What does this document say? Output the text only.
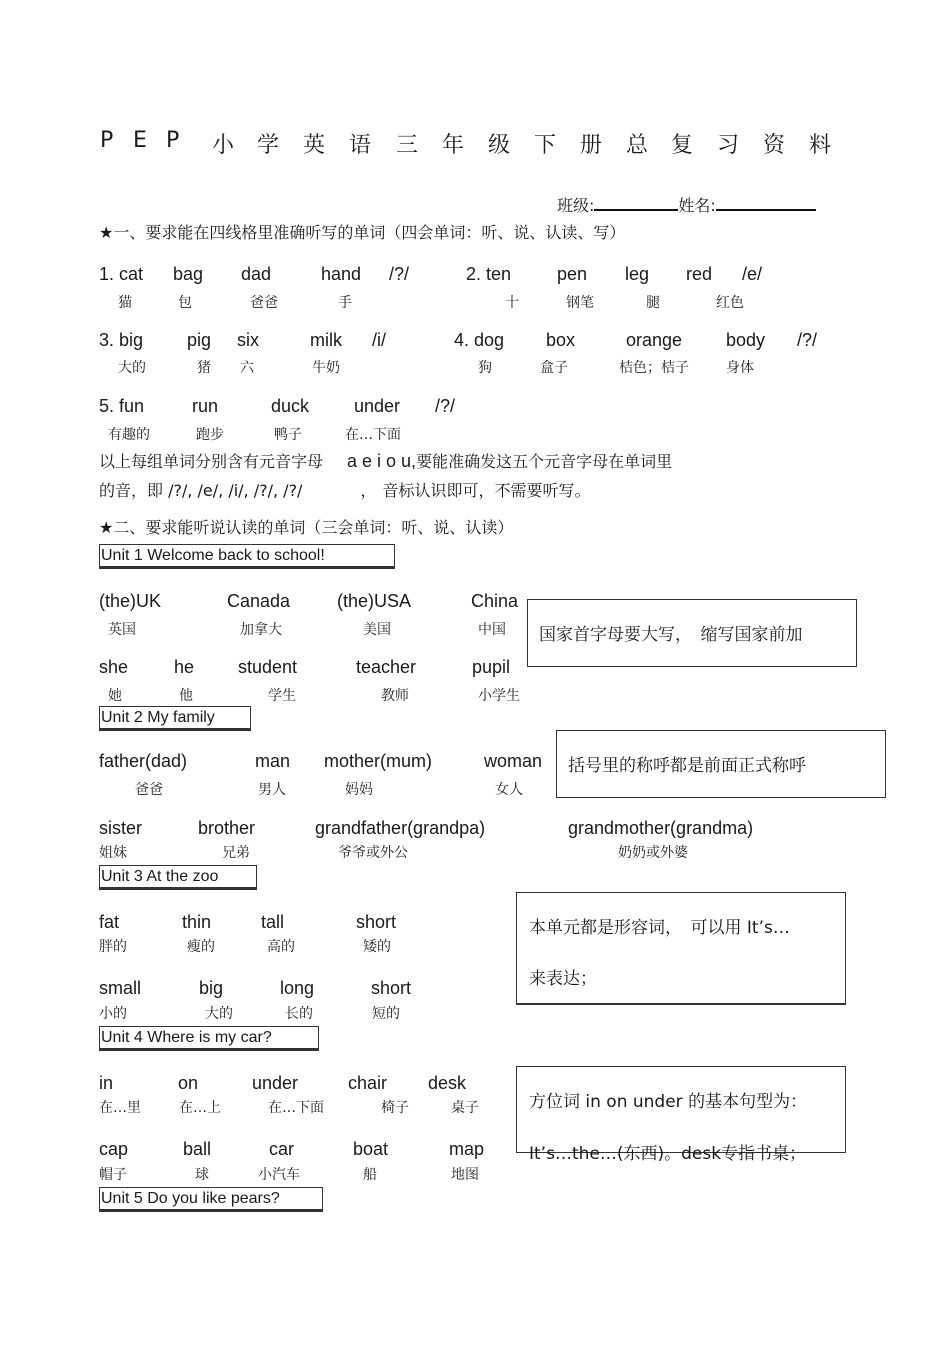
P E P 小 学 英 语 三 年 级 下 册 总 复 习 资 料
班级:	姓名:
★一、要求能在四线格里准确听写的单词（四会单词：听、说、认读、写）
1. cat bag dad	hand /?/	2. ten	pen leg red /e/
猫	包	爸爸	手	十	钢笔	腿	红色
3. big pig six	milk /i/	4. dog box	orange body /?/
大的	猪 六	牛奶	狗	盒子	桔色；桔子	身体
5. fun	run	duck under /?/
有趣的	跑步	鸭子	在…下面
以上每组单词分别含有元音字母 a e i o u,要能准确发这五个元音字母在单词里
的音，即 /?/, /e/, /i/, /?/, /?/	， 音标认识即可，不需要听写。
★二、要求能听说认读的单词（三会单词：听、说、认读）
Unit 1 Welcome back to school!
(the)UK	Canada	(the)USA	China
英国	加拿大	美国	中国
she	he student	teacher	pupil
她	他	学生	教师	小学生
国家首字母要大写，　缩写国家前加
Unit 2 My family
father(dad)	man mother(mum)	woman
爸爸	男人	妈妈	女人
sister	brother	grandfather(grandpa)	grandmother(grandma)
姐妹	兄弟	爷爷或外公	奶奶或外婆
括号里的称呼都是前面正式称呼
Unit 3 At the zoo
fat	thin	tall	short
胖的	瘦的	高的	矮的
small	big	long	short
小的	大的	长的	短的
本单元都是形容词，　可以用 It’s…
来表达；
Unit 4 Where is my car?
in	on	under	chair desk
在…里	在…上	在…下面	椅子	桌子
cap	ball	car	boat	map
帽子	球	小汽车	船	地图
方位词 in on under 的基本句型为：
It’s…the…(东西)。desk专指书桌；
Unit 5 Do you like pears?
